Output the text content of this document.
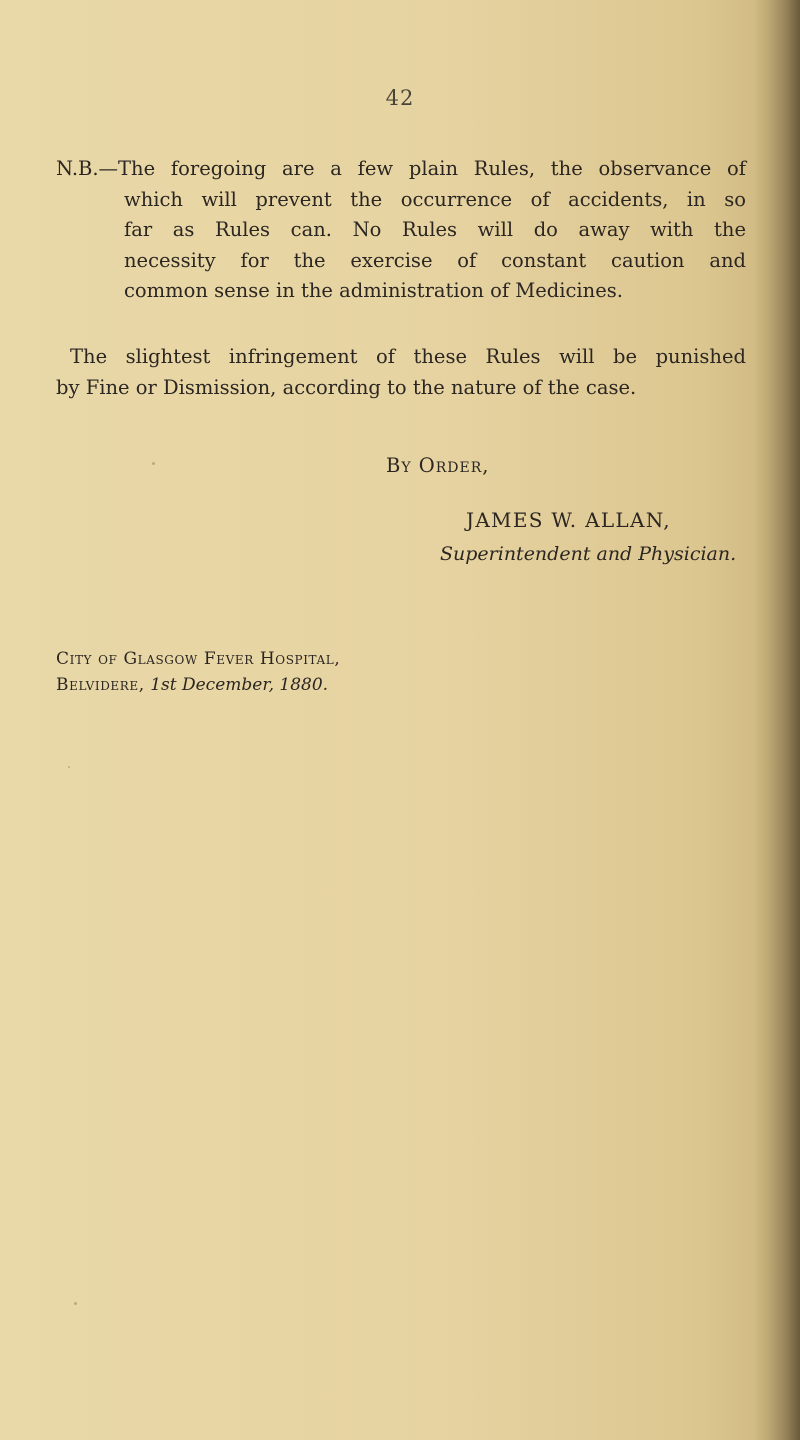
42
N.B.—The foregoing are a few plain Rules, the observance of
which will prevent the occurrence of accidents, in so
far as Rules can. No Rules will do away with the
necessity for the exercise of constant caution and
common sense in the administration of Medicines.
The slightest infringement of these Rules will be punished
by Fine or Dismission, according to the nature of the case.
By Order,
JAMES W. ALLAN,
Superintendent and Physician.
City of Glasgow Fever Hospital,
Belvidere, 1st December, 1880.
